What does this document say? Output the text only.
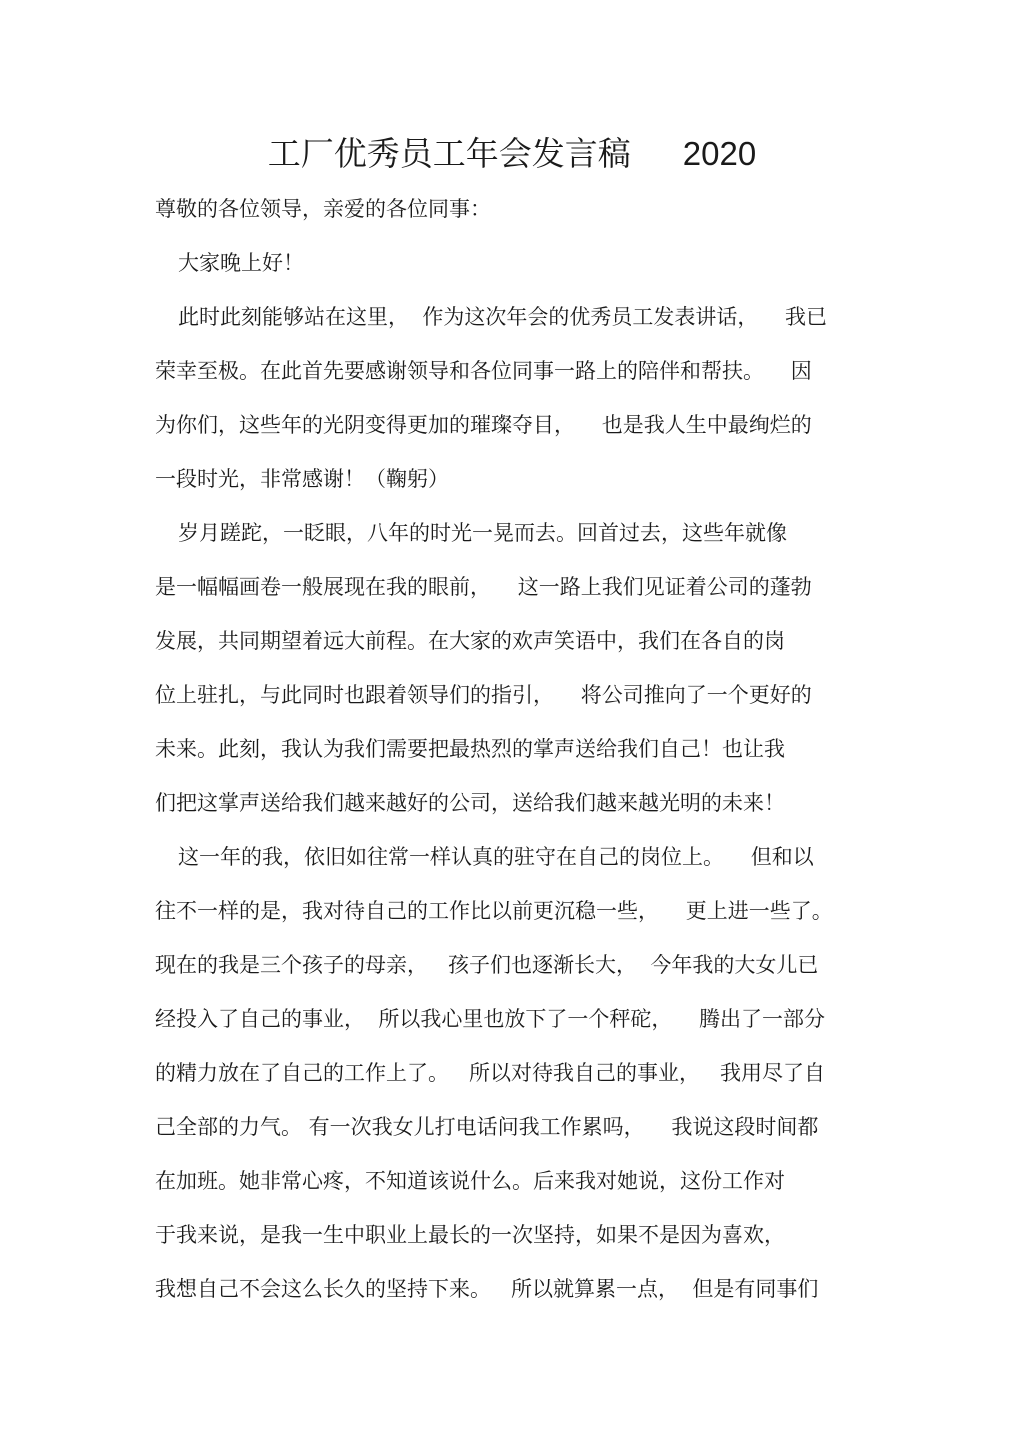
工厂优秀员工年会发言稿 2020
尊敬的各位领导，亲爱的各位同事：
大家晚上好！
此时此刻能够站在这里，  作为这次年会的优秀员工发表讲话，    我已
荣幸至极。在此首先要感谢领导和各位同事一路上的陪伴和帮扶。    因
为你们，这些年的光阴变得更加的璀璨夺目，    也是我人生中最绚烂的
一段时光，非常感谢！（鞠躬）
岁月蹉跎，一眨眼，八年的时光一晃而去。回首过去，这些年就像
是一幅幅画卷一般展现在我的眼前，    这一路上我们见证着公司的蓬勃
发展，共同期望着远大前程。在大家的欢声笑语中，我们在各自的岗
位上驻扎，与此同时也跟着领导们的指引，    将公司推向了一个更好的
未来。此刻，我认为我们需要把最热烈的掌声送给我们自己！也让我
们把这掌声送给我们越来越好的公司，送给我们越来越光明的未来！
这一年的我，依旧如往常一样认真的驻守在自己的岗位上。    但和以
往不一样的是，我对待自己的工作比以前更沉稳一些，    更上进一些了。
现在的我是三个孩子的母亲，   孩子们也逐渐长大，  今年我的大女儿已
经投入了自己的事业，  所以我心里也放下了一个秤砣，    腾出了一部分
的精力放在了自己的工作上了。   所以对待我自己的事业，   我用尽了自
己全部的力气。 有一次我女儿打电话问我工作累吗，    我说这段时间都
在加班。她非常心疼，不知道该说什么。后来我对她说，这份工作对
于我来说，是我一生中职业上最长的一次坚持，如果不是因为喜欢，
我想自己不会这么长久的坚持下来。   所以就算累一点，  但是有同事们
